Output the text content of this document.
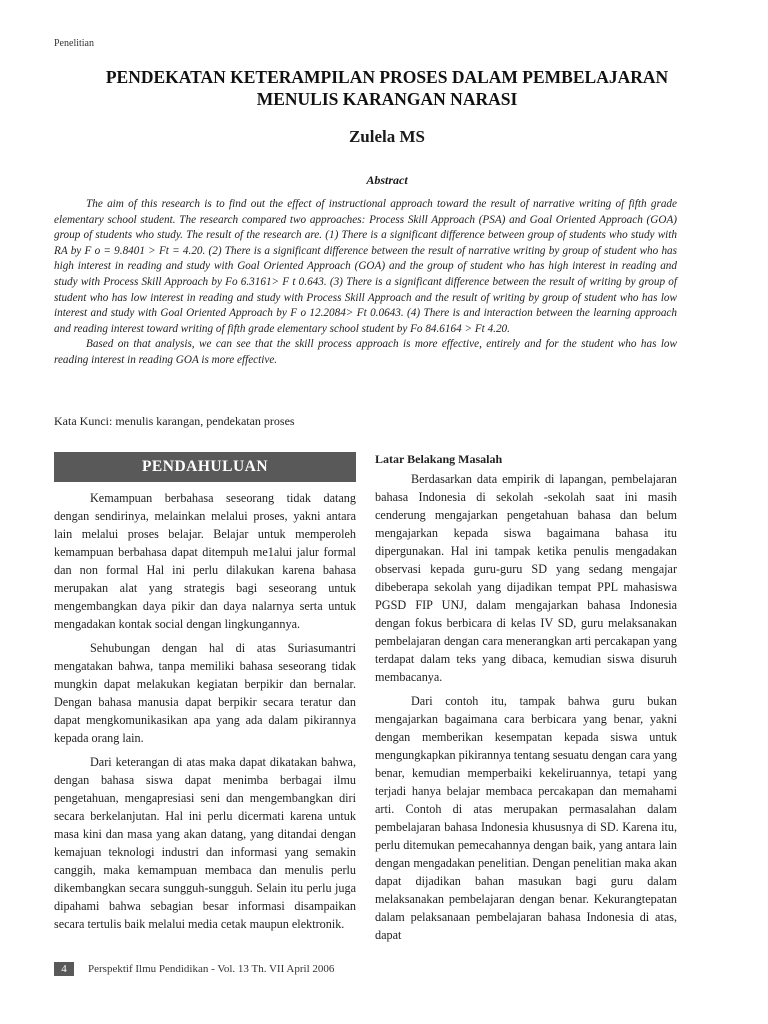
Penelitian
PENDEKATAN KETERAMPILAN PROSES DALAM PEMBELAJARAN
MENULIS KARANGAN NARASI
Zulela MS
Abstract

The aim of this research is to find out the effect of instructional approach toward the result of narrative writing of fifth grade elementary school student. The research compared two approaches: Process Skill Approach (PSA) and Goal Oriented Approach (GOA) group of students who study. The result of the research are. (1) There is a significant difference between group of students who study with RA by F o = 9.8401 > Ft = 4.20. (2) There is a significant difference between the result of narrative writing by group of student who has high interest in reading and study with Goal Oriented Approach (GOA) and the group of student who has high interest in reading and study with Process Skill Approach by Fo 6.3161> F t 0.643. (3) There is a significant difference between the result of writing by group of student who has low interest in reading and study with Process Skill Approach and the result of writing by group of student who has low interest and study with Goal Oriented Approach by F o 12.2084> Ft 0.0643. (4) There is and interaction between the learning approach and reading interest toward writing of fifth grade elementary school student by Fo 84.6164 > Ft 4.20.

Based on that analysis, we can see that the skill process approach is more effective, entirely and for the student who has low reading interest in reading GOA is more effective.

Kata Kunci: menulis karangan, pendekatan proses
PENDAHULUAN

Kemampuan berbahasa seseorang tidak datang dengan sendirinya, melainkan melalui proses, yakni antara lain melalui proses belajar. Belajar untuk memperoleh kemampuan berbahasa dapat ditempuh me1alui jalur formal dan non formal Hal ini perlu dilakukan karena bahasa merupakan alat yang strategis bagi seseorang untuk mengembangkan daya pikir dan daya nalarnya serta untuk mengadakan kontak social dengan lingkungannya.

Sehubungan dengan hal di atas Suriasumantri mengatakan bahwa, tanpa memiliki bahasa seseorang tidak mungkin dapat melakukan kegiatan berpikir dan bernalar. Dengan bahasa manusia dapat berpikir secara teratur dan dapat mengkomunikasikan apa yang ada dalam pikirannya kepada orang lain.

Dari keterangan di atas maka dapat dikatakan bahwa, dengan bahasa siswa dapat menimba berbagai ilmu pengetahuan, mengapresiasi seni dan mengembangkan diri secara berkelanjutan. Hal ini perlu dicermati karena untuk masa kini dan masa yang akan datang, yang ditandai dengan kemajuan teknologi industri dan informasi yang semakin canggih, maka kemampuan membaca dan menulis perlu dikembangkan secara sungguh-sungguh. Selain itu perlu juga dipahami bahwa sebagian besar informasi disampaikan secara tertulis baik melalui media cetak maupun elektronik.

Latar Belakang Masalah

Berdasarkan data empirik di lapangan, pembelajaran bahasa Indonesia di sekolah -sekolah saat ini masih cenderung mengajarkan pengetahuan bahasa dan belum mengajarkan kepada siswa bagaimana bahasa itu dipergunakan. Hal ini tampak ketika penulis mengadakan observasi kepada guru-guru SD yang sedang mengajar dibeberapa sekolah yang dijadikan tempat PPL mahasiswa PGSD FIP UNJ, dalam mengajarkan bahasa Indonesia dengan fokus berbicara di kelas IV SD, guru melaksanakan pembelajaran dengan cara menerangkan arti percakapan yang terdapat dalam teks yang dibaca, kemudian siswa disuruh membacanya.

Dari contoh itu, tampak bahwa guru bukan mengajarkan bagaimana cara berbicara yang benar, yakni dengan memberikan kesempatan kepada siswa untuk mengungkapkan pikirannya tentang sesuatu dengan cara yang benar, kemudian memperbaiki kekeliruannya, tetapi yang terjadi hanya belajar membaca percakapan dan memahami arti. Contoh di atas merupakan permasalahan dalam pembelajaran bahasa Indonesia khususnya di SD. Karena itu, perlu ditemukan pemecahannya dengan baik, yang antara lain dengan mengadakan penelitian. Dengan penelitian maka akan dapat dijadikan bahan masukan bagi guru dalam melaksanakan pembelajaran dengan benar. Kekurangtepatan dalam pelaksanaan pembelajaran bahasa Indonesia di atas, dapat

4	Perspektif Ilmu Pendidikan - Vol. 13 Th. VII April 2006
